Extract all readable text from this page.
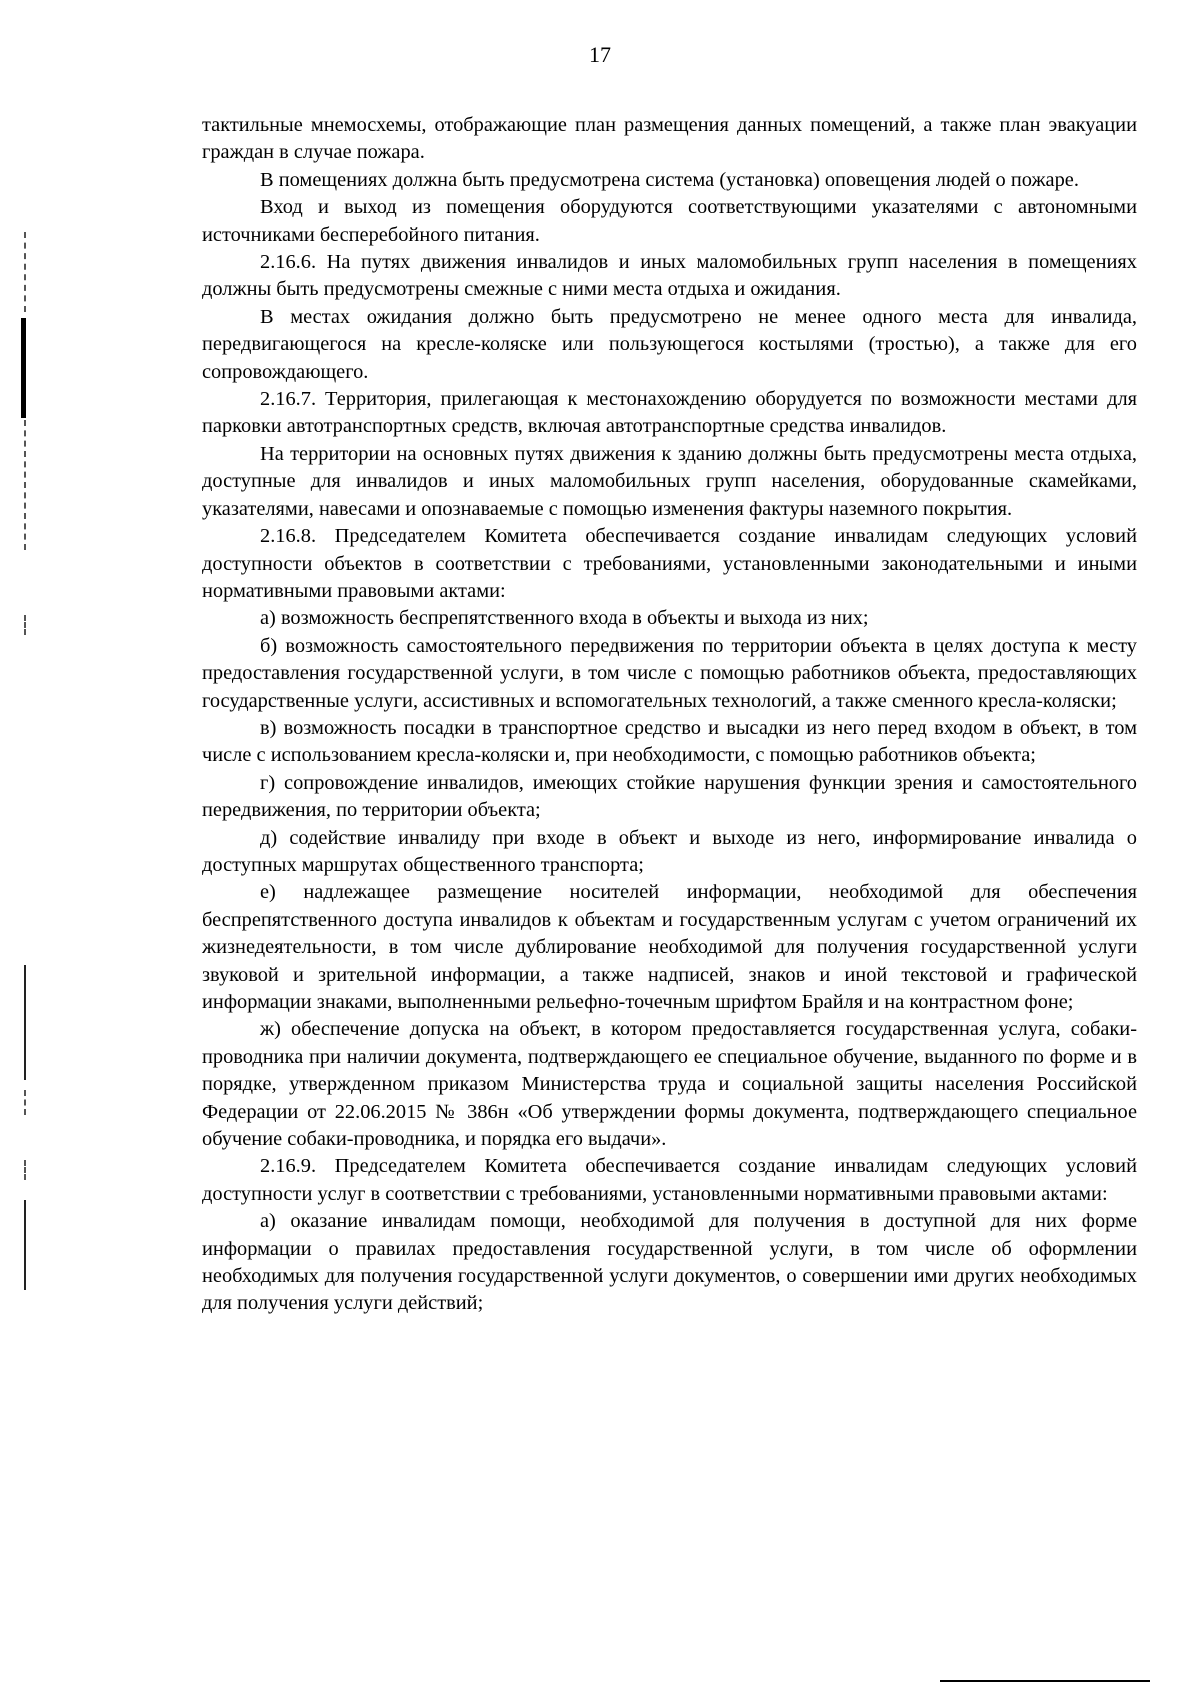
17

тактильные мнемосхемы, отображающие план размещения данных помещений, а также план эвакуации граждан в случае пожара.

В помещениях должна быть предусмотрена система (установка) оповещения людей о пожаре.

Вход и выход из помещения оборудуются соответствующими указателями с автономными источниками бесперебойного питания.

2.16.6. На путях движения инвалидов и иных маломобильных групп населения в помещениях должны быть предусмотрены смежные с ними места отдыха и ожидания.

В местах ожидания должно быть предусмотрено не менее одного места для инвалида, передвигающегося на кресле-коляске или пользующегося костылями (тростью), а также для его сопровождающего.

2.16.7. Территория, прилегающая к местонахождению оборудуется по возможности местами для парковки автотранспортных средств, включая автотранспортные средства инвалидов.

На территории на основных путях движения к зданию должны быть предусмотрены места отдыха, доступные для инвалидов и иных маломобильных групп населения, оборудованные скамейками, указателями, навесами и опознаваемые с помощью изменения фактуры наземного покрытия.

2.16.8. Председателем Комитета обеспечивается создание инвалидам следующих условий доступности объектов в соответствии с требованиями, установленными законодательными и иными нормативными правовыми актами:

а) возможность беспрепятственного входа в объекты и выхода из них;

б) возможность самостоятельного передвижения по территории объекта в целях доступа к месту предоставления государственной услуги, в том числе с помощью работников объекта, предоставляющих государственные услуги, ассистивных и вспомогательных технологий, а также сменного кресла-коляски;

в) возможность посадки в транспортное средство и высадки из него перед входом в объект, в том числе с использованием кресла-коляски и, при необходимости, с помощью работников объекта;

г) сопровождение инвалидов, имеющих стойкие нарушения функции зрения и самостоятельного передвижения, по территории объекта;

д) содействие инвалиду при входе в объект и выходе из него, информирование инвалида о доступных маршрутах общественного транспорта;

е) надлежащее размещение носителей информации, необходимой для обеспечения беспрепятственного доступа инвалидов к объектам и государственным услугам с учетом ограничений их жизнедеятельности, в том числе дублирование необходимой для получения государственной услуги звуковой и зрительной информации, а также надписей, знаков и иной текстовой и графической информации знаками, выполненными рельефно-точечным шрифтом Брайля и на контрастном фоне;

ж) обеспечение допуска на объект, в котором предоставляется государственная услуга, собаки-проводника при наличии документа, подтверждающего ее специальное обучение, выданного по форме и в порядке, утвержденном приказом Министерства труда и социальной защиты населения Российской Федерации от 22.06.2015 № 386н «Об утверждении формы документа, подтверждающего специальное обучение собаки-проводника, и порядка его выдачи».

2.16.9. Председателем Комитета обеспечивается создание инвалидам следующих условий доступности услуг в соответствии с требованиями, установленными нормативными правовыми актами:

а) оказание инвалидам помощи, необходимой для получения в доступной для них форме информации о правилах предоставления государственной услуги, в том числе об оформлении необходимых для получения государственной услуги документов, о совершении ими других необходимых для получения услуги действий;
